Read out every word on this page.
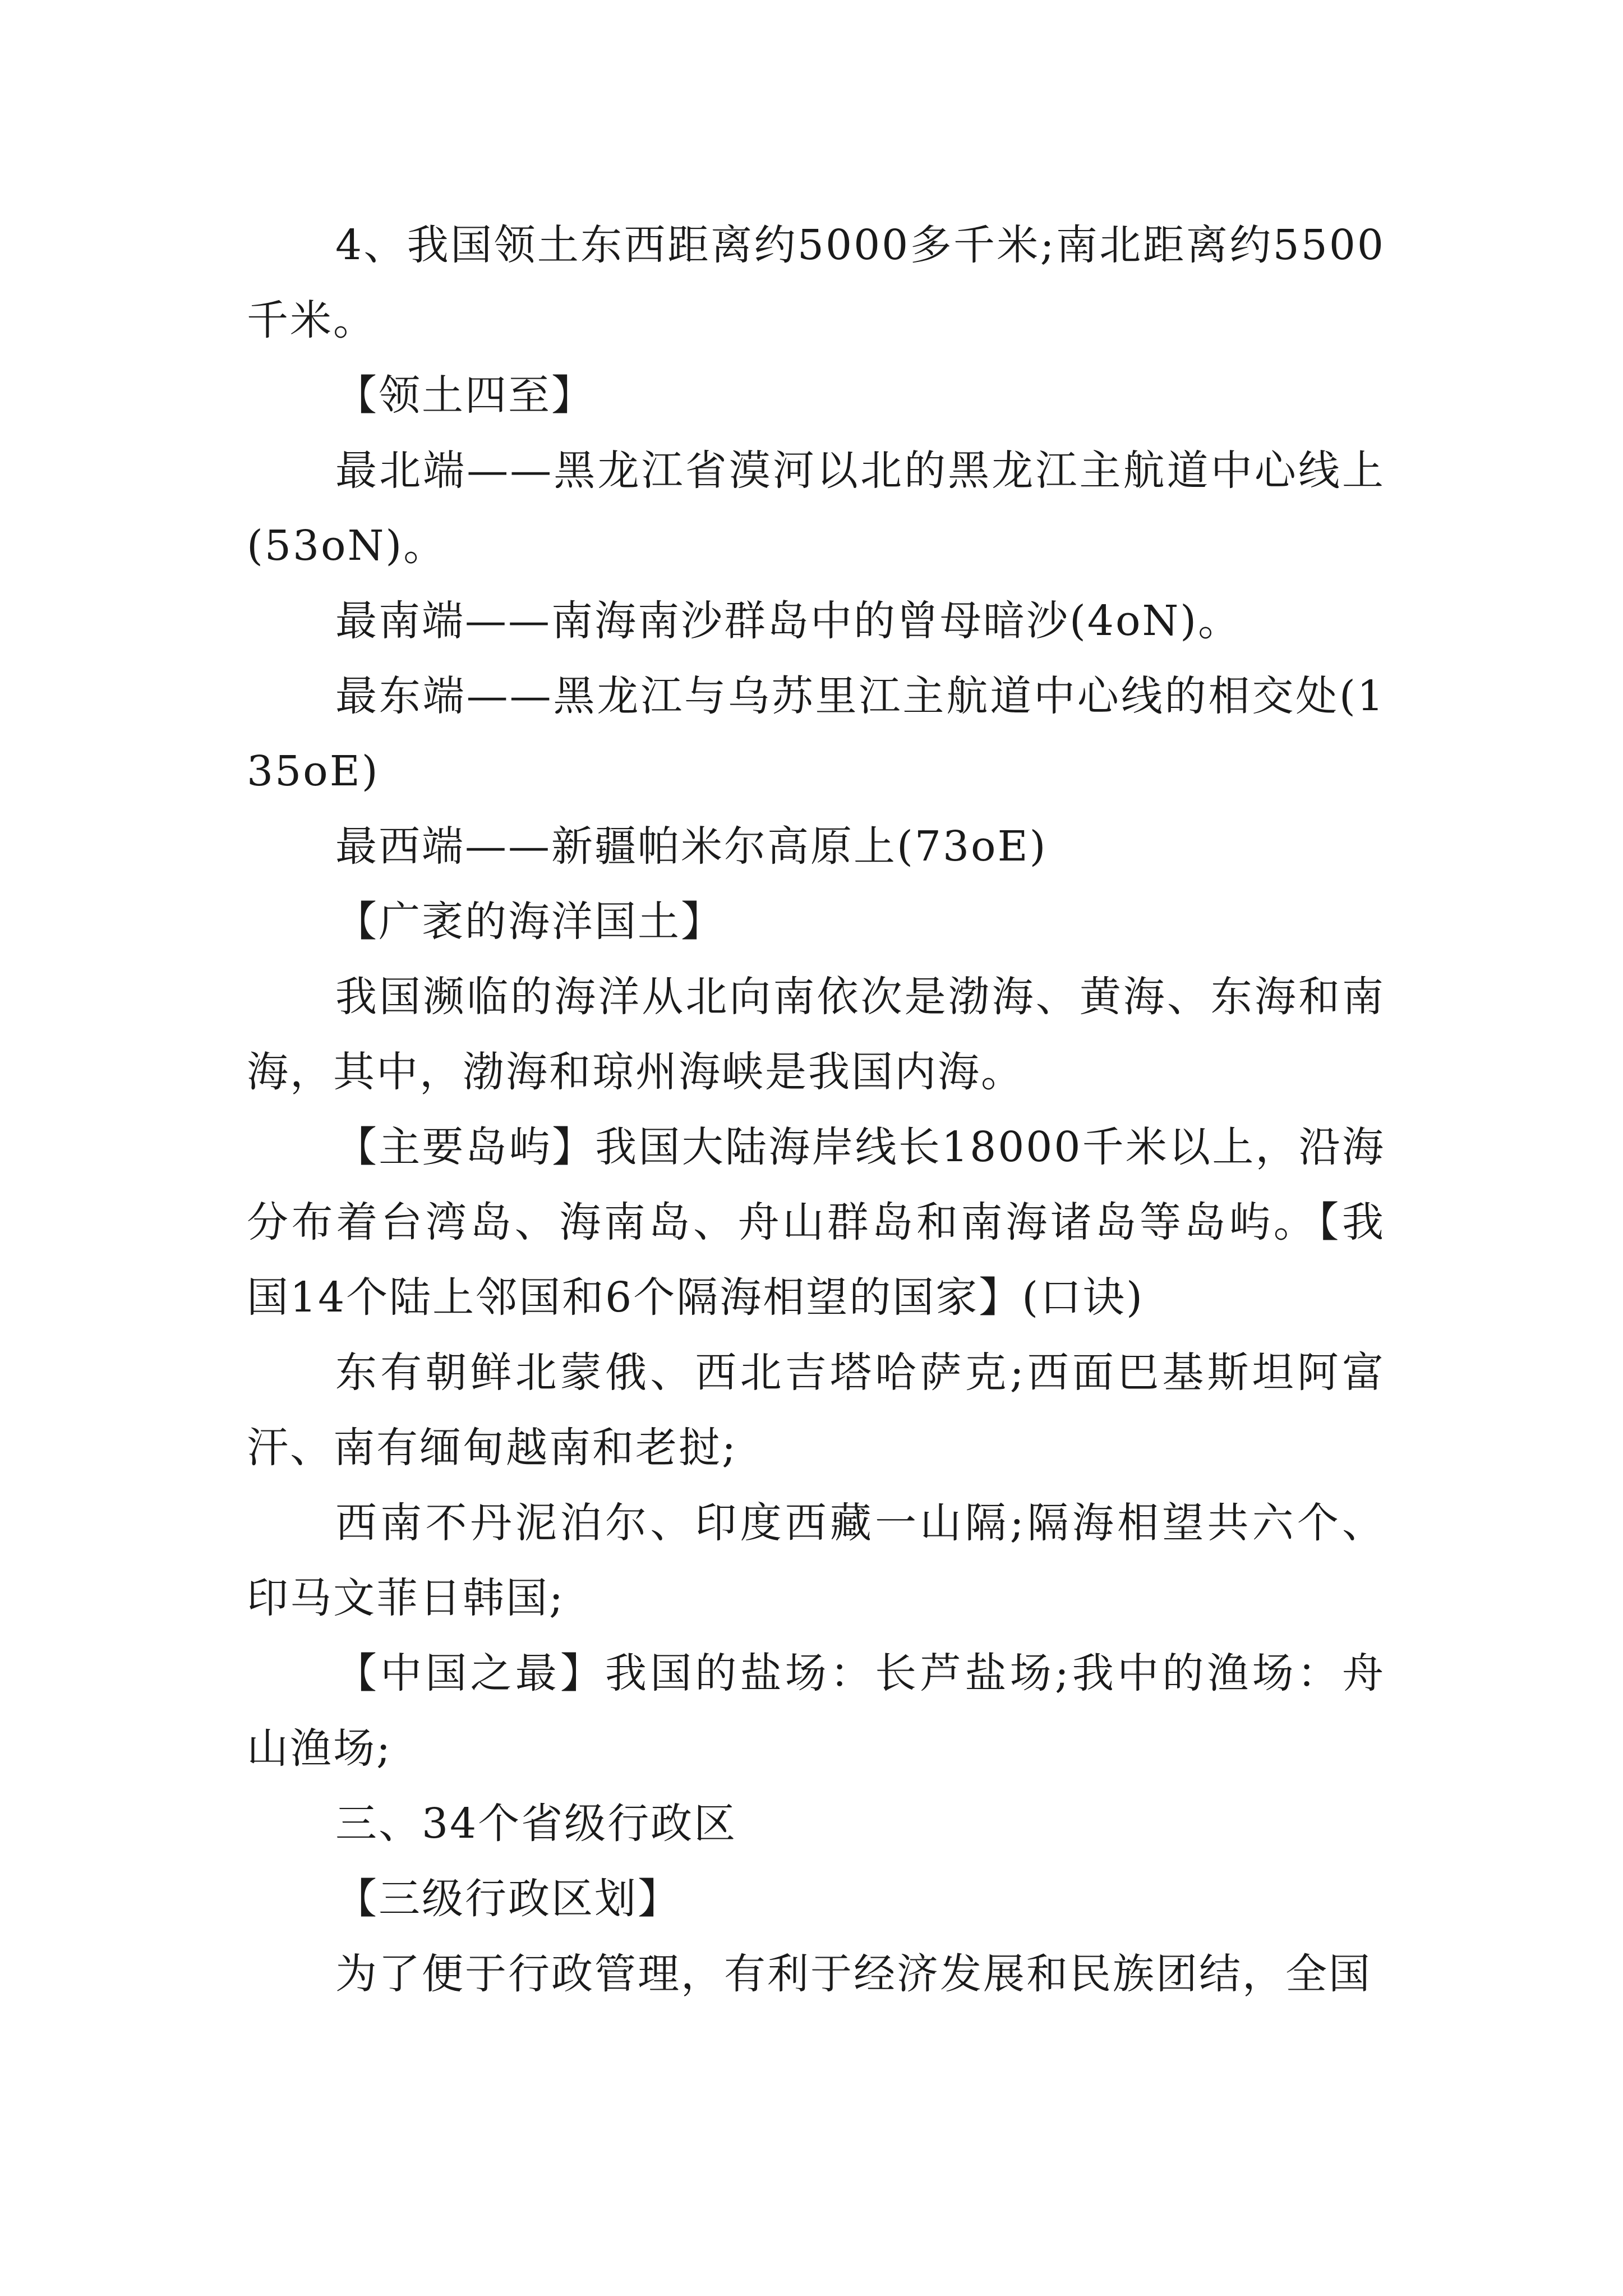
4、我国领土东西距离约5000多千米;南北距离约5500千米。

【领土四至】

最北端——黑龙江省漠河以北的黑龙江主航道中心线上(53oN)。

最南端——南海南沙群岛中的曾母暗沙(4oN)。

最东端——黑龙江与乌苏里江主航道中心线的相交处(135oE)

最西端——新疆帕米尔高原上(73oE)

【广袤的海洋国土】

我国濒临的海洋从北向南依次是渤海、黄海、东海和南海，其中，渤海和琼州海峡是我国内海。

【主要岛屿】我国大陆海岸线长18000千米以上，沿海分布着台湾岛、海南岛、舟山群岛和南海诸岛等岛屿。【我国14个陆上邻国和6个隔海相望的国家】(口诀)

东有朝鲜北蒙俄、西北吉塔哈萨克;西面巴基斯坦阿富汗、南有缅甸越南和老挝;

西南不丹泥泊尔、印度西藏一山隔;隔海相望共六个、印马文菲日韩国;

【中国之最】我国的盐场：长芦盐场;我中的渔场：舟山渔场;

三、34个省级行政区

【三级行政区划】

为了便于行政管理，有利于经济发展和民族团结，全国
